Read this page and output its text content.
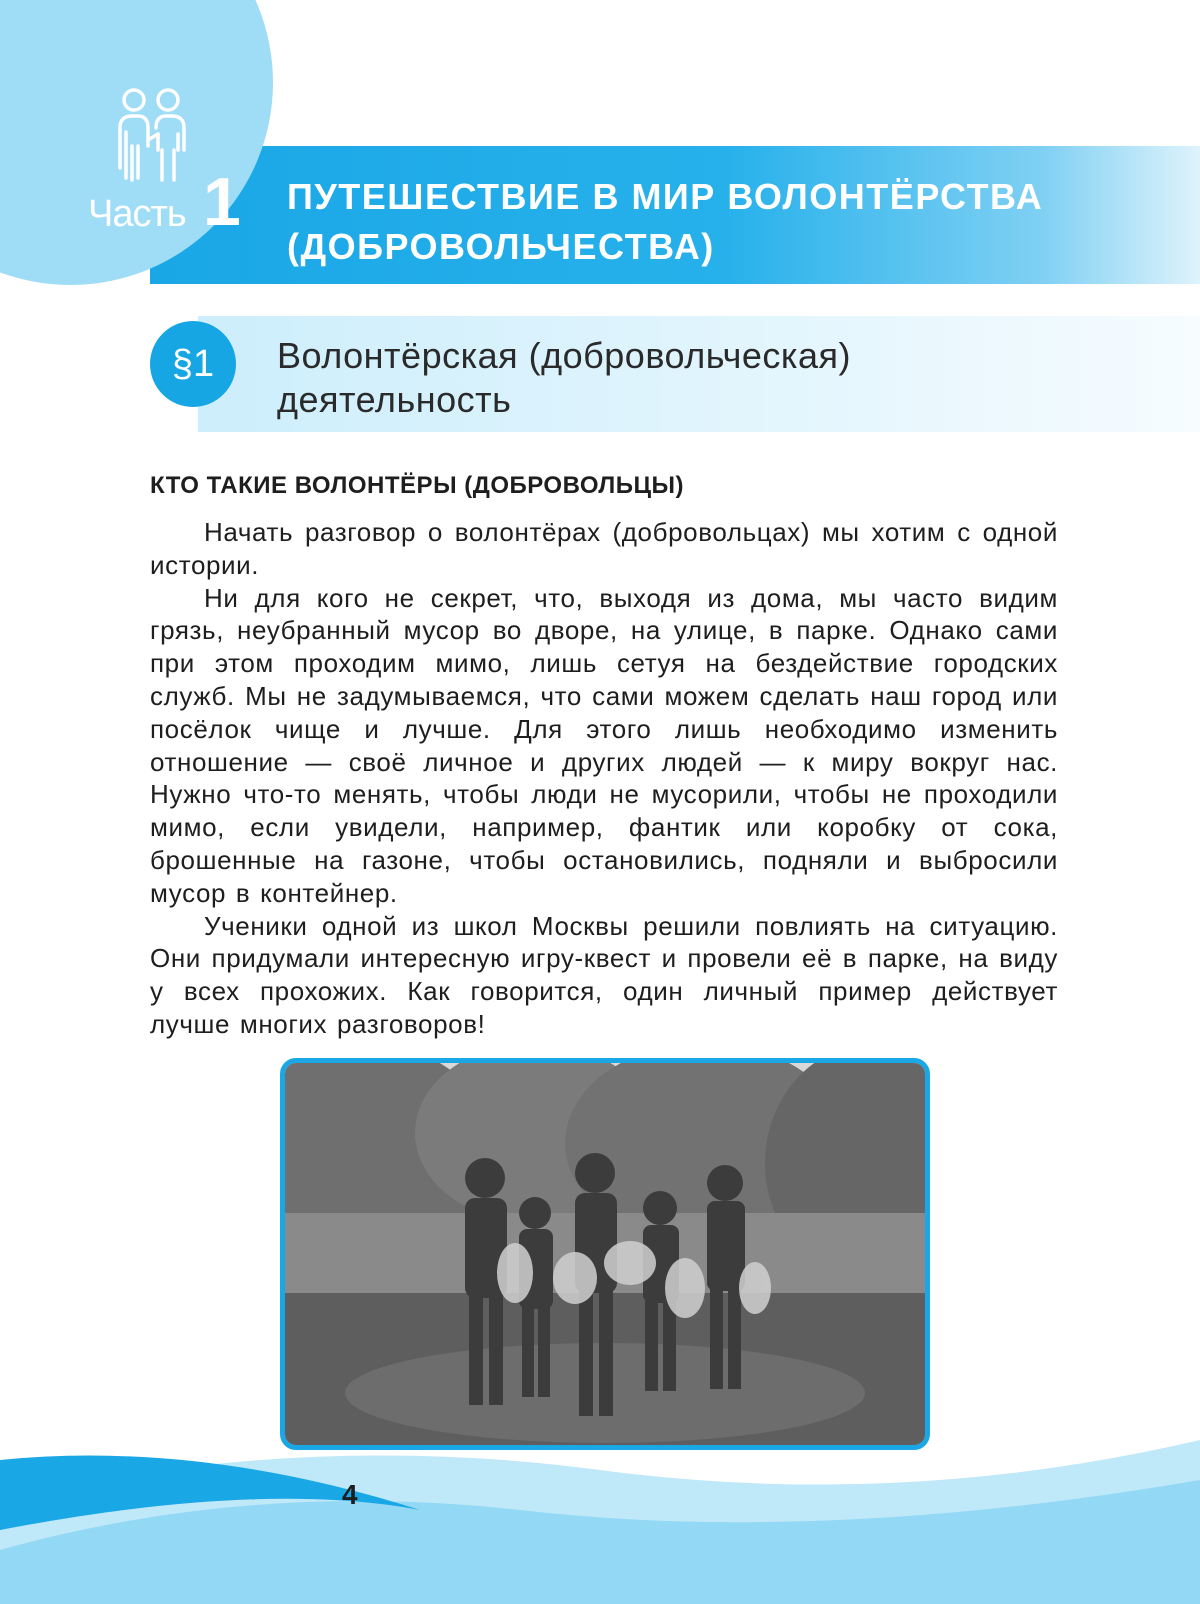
Часть 1 ПУТЕШЕСТВИЕ В МИР ВОЛОНТЁРСТВА
(ДОБРОВОЛЬЧЕСТВА)
§1	Волонтёрская (добровольческая)
деятельность
КТО ТАКИЕ ВОЛОНТЁРЫ (ДОБРОВОЛЬЦЫ)

Начать разговор о волонтёрах (добровольцах) мы хотим с одной истории.

Ни для кого не секрет, что, выходя из дома, мы часто видим грязь, неубранный мусор во дворе, на улице, в парке. Однако сами при этом проходим мимо, лишь сетуя на бездействие городских служб. Мы не задумываемся, что сами можем сделать наш город или посёлок чище и лучше. Для этого лишь необходимо изменить отношение — своё личное и других людей — к миру вокруг нас. Нужно что-то менять, чтобы люди не мусорили, чтобы не проходили мимо, если увидели, например, фантик или коробку от сока, брошенные на газоне, чтобы остановились, подняли и выбросили мусор в контейнер.

Ученики одной из школ Москвы решили повлиять на ситуацию. Они придумали интересную игру-квест и провели её в парке, на виду у всех прохожих. Как говорится, один личный пример действует лучше многих разговоров!

4
